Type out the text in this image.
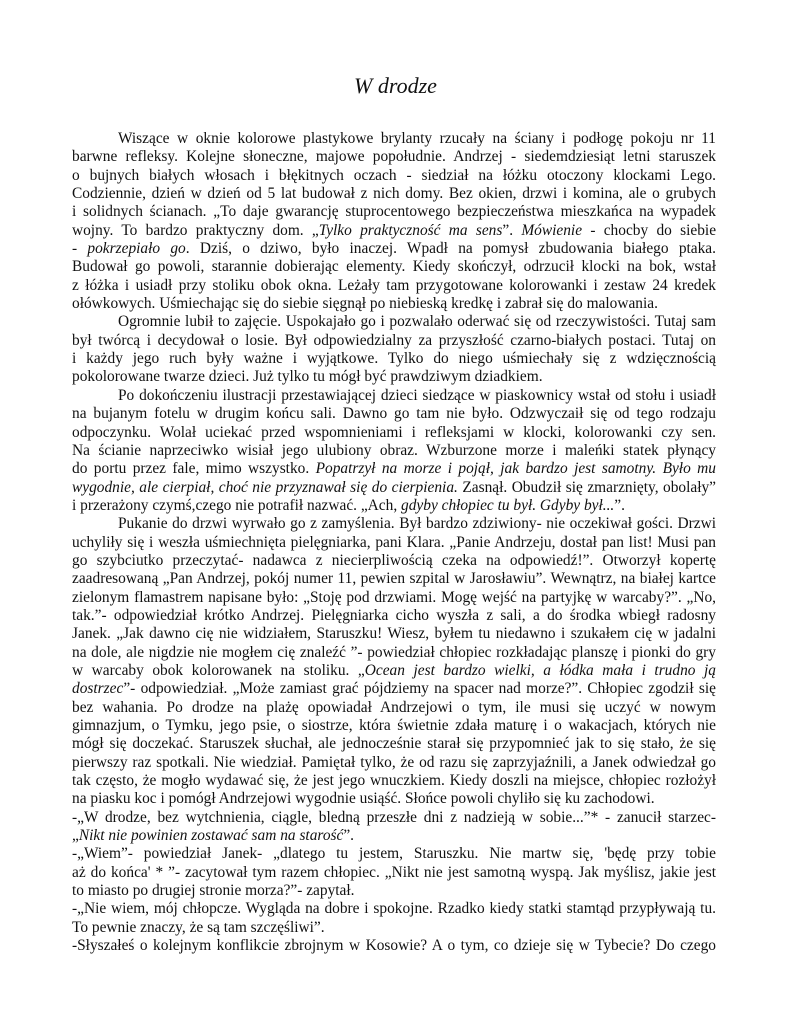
W drodze
Wiszące w oknie kolorowe plastykowe brylanty rzucały na ściany i podłogę pokoju nr 11
barwne refleksy. Kolejne słoneczne, majowe popołudnie. Andrzej - siedemdziesiąt letni staruszek
o bujnych białych włosach i błękitnych oczach - siedział na łóżku otoczony klockami Lego.
Codziennie, dzień w dzień od 5 lat budował z nich domy. Bez okien, drzwi i komina, ale o grubych
i solidnych ścianach. „To daje gwarancję stuprocentowego bezpieczeństwa mieszkańca na wypadek
wojny. To bardzo praktyczny dom. „Tylko praktyczność ma sens”. Mówienie - chocby do siebie
- pokrzepiało go. Dziś, o dziwo, było inaczej. Wpadł na pomysł zbudowania białego ptaka.
Budował go powoli, starannie dobierając elementy. Kiedy skończył, odrzucił klocki na bok, wstał
z łóżka i usiadł przy stoliku obok okna. Leżały tam przygotowane kolorowanki i zestaw 24 kredek
ołówkowych. Uśmiechając się do siebie sięgnął po niebieską kredkę i zabrał się do malowania.
Ogromnie lubił to zajęcie. Uspokajało go i pozwalało oderwać się od rzeczywistości. Tutaj sam
był twórcą i decydował o losie. Był odpowiedzialny za przyszłość czarno-białych postaci. Tutaj on
i każdy jego ruch były ważne i wyjątkowe. Tylko do niego uśmiechały się z wdzięcznością
pokolorowane twarze dzieci. Już tylko tu mógł być prawdziwym dziadkiem.
Po dokończeniu ilustracji przestawiającej dzieci siedzące w piaskownicy wstał od stołu i usiadł
na bujanym fotelu w drugim końcu sali. Dawno go tam nie było. Odzwyczaił się od tego rodzaju
odpoczynku. Wolał uciekać przed wspomnieniami i refleksjami w klocki, kolorowanki czy sen.
Na ścianie naprzeciwko wisiał jego ulubiony obraz. Wzburzone morze i maleńki statek płynący
do portu przez fale, mimo wszystko. Popatrzył na morze i pojął, jak bardzo jest samotny. Było mu
wygodnie, ale cierpiał, choć nie przyznawał się do cierpienia. Zasnął. Obudził się zmarznięty, obolały”
i przerażony czymś,czego nie potrafił nazwać. „Ach, gdyby chłopiec tu był. Gdyby był...”.
Pukanie do drzwi wyrwało go z zamyślenia. Był bardzo zdziwiony- nie oczekiwał gości. Drzwi
uchyliły się i weszła uśmiechnięta pielęgniarka, pani Klara. „Panie Andrzeju, dostał pan list! Musi pan
go szybciutko przeczytać- nadawca z niecierpliwością czeka na odpowiedź!”. Otworzył kopertę
zaadresowaną „Pan Andrzej, pokój numer 11, pewien szpital w Jarosławiu”. Wewnątrz, na białej kartce
zielonym flamastrem napisane było: „Stoję pod drzwiami. Mogę wejść na partyjkę w warcaby?”. „No,
tak.”- odpowiedział krótko Andrzej. Pielęgniarka cicho wyszła z sali, a do środka wbiegł radosny
Janek. „Jak dawno cię nie widziałem, Staruszku! Wiesz, byłem tu niedawno i szukałem cię w jadalni
na dole, ale nigdzie nie mogłem cię znaleźć ”- powiedział chłopiec rozkładając planszę i pionki do gry
w warcaby obok kolorowanek na stoliku. „Ocean jest bardzo wielki, a łódka mała i trudno ją
dostrzec”- odpowiedział. „Może zamiast grać pójdziemy na spacer nad morze?”. Chłopiec zgodził się
bez wahania. Po drodze na plażę opowiadał Andrzejowi o tym, ile musi się uczyć w nowym
gimnazjum, o Tymku, jego psie, o siostrze, która świetnie zdała maturę i o wakacjach, których nie
mógł się doczekać. Staruszek słuchał, ale jednocześnie starał się przypomnieć jak to się stało, że się
pierwszy raz spotkali. Nie wiedział. Pamiętał tylko, że od razu się zaprzyjaźnili, a Janek odwiedzał go
tak często, że mogło wydawać się, że jest jego wnuczkiem. Kiedy doszli na miejsce, chłopiec rozłożył
na piasku koc i pomógł Andrzejowi wygodnie usiąść. Słońce powoli chyliło się ku zachodowi.
-„W drodze, bez wytchnienia, ciągle, bledną przeszłe dni z nadzieją w sobie...”* - zanucił starzec-
„Nikt nie powinien zostawać sam na starość”.
-„Wiem”- powiedział Janek- „dlatego tu jestem, Staruszku. Nie martw się, 'będę przy tobie
aż do końca' * ”- zacytował tym razem chłopiec. „Nikt nie jest samotną wyspą. Jak myślisz, jakie jest
to miasto po drugiej stronie morza?”- zapytał.
-„Nie wiem, mój chłopcze. Wygląda na dobre i spokojne. Rzadko kiedy statki stamtąd przypływają tu.
To pewnie znaczy, że są tam szczęśliwi”.
-Słyszałeś o kolejnym konflikcie zbrojnym w Kosowie? A o tym, co dzieje się w Tybecie? Do czego
